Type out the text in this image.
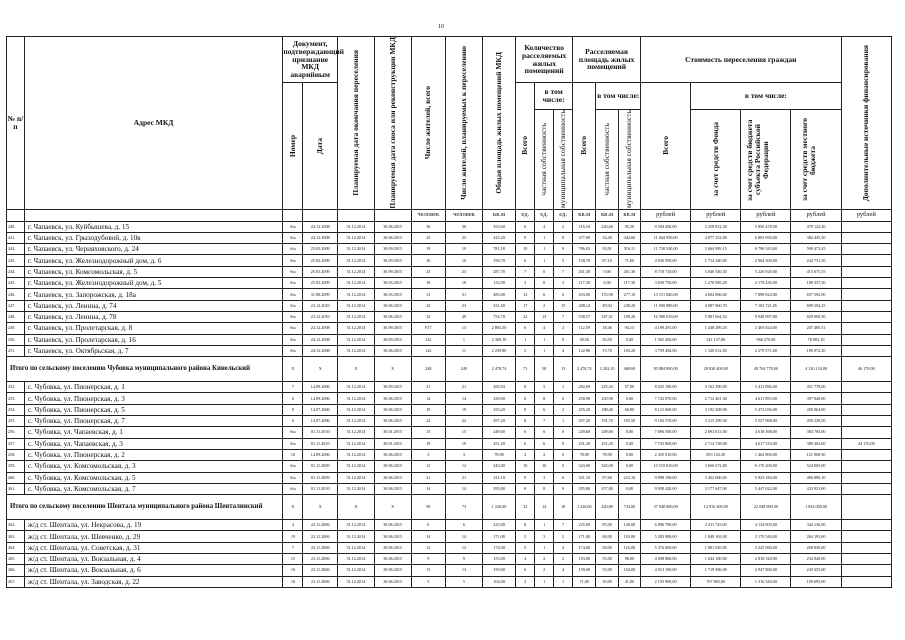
10
№ п/п	Адрес МКД	Документ, подтверждающий признание МКД аварийным		Планируемая дата окончания переселения	Планируемая дата сноса или реконструкции МКД	Число жителей, всего	Число жителей, планируемых к переселению	Общая площадь жилых помещений МКД	Количество расселяемых жилых помещений			Расселяемая площадь жилых помещений			Стоимость переселения граждан				Дополнительные источники финансирования

		Номер	Дата						Всего	в том числе:		Всего	в том числе:		Всего	в том числе:			

										частная собственность	муниципальная собственность		частная собственность	муниципальная собственность		за счет средств Фонда	за счет средств бюджета субъекта Российской Федерации	за счет средств местного бюджета	

						человек	человек	кв.м	ед.	ед.	ед.	кв.м	кв.м	кв.м	рублей	рублей	рублей	рублей	рублей
240.	г. Чапаевск, ул. Куйбышева, д. 15	б/н	24.12.2008	31.12.2014	30.06.2015	36	36	353,60	6	4	2	316,10	220,60	95,50	9 594 450,00	3 258 852,30	5 856 478,50	479 122,20	
241.	г. Чапаевск, ул. Грызодубовой, д. 10в	б/н	24.12.2008	31.12.2014	30.06.2015	25	25	423,20	9	1	8	377,00	34,40	342,60	11 044 950,00	4 077 252,00	6 803 950,00	382 445,50	
242.	г. Чапаевск, ул. Черняховского, д. 24	б/н	25.05.2009	31.12.2014	30.09.2015	19	19	781,18	10	1	9	706,02	93,91	516,11	11 728 540,00	3 664 985,15	6 796 343,60	590 473,45	
243.	г. Чапаевск, ул. Железнодорожный дом, д. 6	б/н	25.02.2009	31.12.2014	30.09.2015	10	10	198,70	6	1	5	158,70	87,10	71,60	4 930 950,00	1 714 340,00	2 964 300,00	242 731,30	
244.	г. Чапаевск, ул. Комсомольская, д. 5	б/н	25.03.2009	31.12.2014	30.09.2015	23	23	287,70	7	0	7	261,30	0,00	261,30	8 710 710,00	3 040 540,30	5 226 920,00	415 675,55	
245.	г. Чапаевск, ул. Железнодорожный дом, д. 5	б/н	25.03.2009	31.12.2014	30.03.2015	18	18	132,90	3	0	3	117,30	0,00	117,30	3 650 750,00	1 270 985,20	2 178 430,00	189 337,50	
246.	г. Чапаевск, ул. Запорожская, д. 18а	б/н	31.08.2009	31.12.2014	30.03.2015	31	31	485,00	12	6	6	433,00	155,90	277,10	13 151 840,00	4 602 066,00	7 898 824,00	657 592,00	
247.	г. Чапаевск, ул. Ленина, д. 74	б/н	23.12.2010	31.12.2014	30.06.2015	23	23	331,50	17	2	15	288,14	49,94	238,20	11 900 880,00	4 087 860,70	7 103 721,05	699 294,25	
248.	г. Чапаевск, ул. Ленина, д. 78	б/н	23.12.2010	31.12.2014	30.06.2015	32	49	754,70	22	13	7	538,57	347,31	189,26	16 580 010,00	5 981 664,54	9 948 997,80	829 000,50	
249.	г. Чапаевск, ул. Пролетарская, д. 8	б/н	24.12.2008	31.12.2014	30.09.2015	F17	13	2 803,30	6	4	2	112,59	18,46	94,13	4 199 291,00	1 438 289,20	2 465 824,00	207 485,51	
250.	г. Чапаевск, ул. Пролетарская, д. 16	б/н	24.12.2008	31.12.2014	30.09.2015	142	1	2 369,10	1	1	0	30,50	30,50	0,00	1 565 450,00	541 137,80	968 270,00	78 002,10	
251.	г. Чапаевск, ул. Октябрьская, д. 7	б/н	24.12.2008	31.12.2014	30.06.2015	142	11	2 239,80	5	1	4	122,96	19,70	103,26	3 759 494,00	1 320 012,00	2 279 571,60	189 972,20	
Итого по сельскому поселению Чубовка муниципального района Кинельский		X	X	X	X	248	249	2 478,74	71	58	13	2 478,74	2 202,10	468,69	85 884 890,00	28 830 400,00	49 764 778,00	4 120 134,00	46 178,00
252.	с. Чубовка, ул. Пионерская, д. 1	7	14.09.2006	31.12.2014	30.09.2015	21	21	282,94	8	5	1	282,09	225,43	57,00	8 025 180,00	3 162 390,00	5 411 096,00	451 778,00	
253.	с. Чубовка, ул. Пионерская, д. 3	6	14.09.2006	31.12.2014	30.06.2015	14	14	250,90	8	8	0	250,90	250,90	0,00	7 722 870,00	2 712 461,30	4 611 893,00	397 840,00	
254.	с. Чубовка, ул. Пионерская, д. 5	8	14.07.2006	31.12.2014	30.06.2015	19	19	255,20	8	6	2	255,20	188,40	66,80	8 121 660,00	3 192 308,00	5 473 036,00	458 064,00	
255.	с. Чубовка, ул. Пионерская, д. 7	6	14.07.2006	31.12.2014	30.06.2015	22	22	297,20	8	7	1	297,20	191,70	105,50	9 184 570,00	3 215 299,30	5 527 968,00	459 228,50	
256.	с. Чубовка, ул. Чапаевская, д. 1	б/н	01.11.2010	31.12.2014	30.01.2015	15	15	249,60	6	6	0	249,60	249,60	0,00	7 696 500,00	2 693 613,00	4 618 468,00	384 705,00	
257.	с. Чубовка, ул. Чапаевская, д. 3	б/н	01.11.2010	31.12.2014	30.01.2015	19	19	251,20	6	6	0	251,20	251,20	0,00	7 745 860,00	2 714 728,00	4 617 310,00	389 404,00	24 170,00
258.	с. Чубовка, ул. Пионерская, д. 2	10	14.09.2006	31.12.2014	30.06.2015	3	3	78,90	2	2	0	78,90	78,90	0,00	2 435 010,00	853 102,50	1 462 806,00	121 908,50	
259.	с. Чубовка, ул. Комсомольская, д. 3	б/н	01.11.2009	31.12.2014	30.06.2015	12	12	343,00	10	10	0	343,00	343,00	0,00	10 510 810,00	3 666 672,80	6 170 200,00	524 005,00	
260.	с. Чубовка, ул. Комсомольская, д. 5	б/н	01.11.2009	31.12.2014	30.06.2015	21	21	321,10	9	3	6	321,10	97,60	223,10	9 898 190,00	3 452 600,00	5 923 184,00	496 890,10	
261.	с. Чубовка, ул. Комсомольская, д. 7	б/н	01.11.2010	31.12.2014	30.06.2015	14	14	295,80	8	8	0	295,80	257,80	0,00	9 058 420,00	3 177 647,00	5 447 022,00	433 921,00	
Итого по сельскому поселению Шентала муниципального района Шенталинский		X	X	X	X	99	73	1 226,00	32	14	18	1 226,00	420,80	743,00	37 040 000,00	12 916 300,00	22 048 900,00	1 854 000,00	
262.	ж/д ст. Шентала, ул. Некрасова, д. 19	4	22.11.2006	31.12.2014	30.06.2015	6	6	225,00	8	1	7	225,00	85,00	140,00	6 896 780,00	2 411 745,00	4 134 803,00	344 136,00	
263.	ж/д ст. Шентала, ул. Шевченко, д. 29	19	22.11.2006	31.12.2014	30.06.2015	14	14	171,00	5	3	2	171,00	68,00	103,00	5 283 980,00	1 849 165,00	3 170 540,00	264 195,00	
264.	ж/д ст. Шентала, ул. Советская, д. 31	7	22.11.2006	31.12.2014	30.06.2015	12	12	174,00	5	1	4	174,00	58,00	116,00	5 376 600,00	1 881 810,00	3 225 960,00	268 830,00	
265.	ж/д ст. Шентала, ул. Вокзальная, д. 4	15	23.11.2006	31.12.2014	30.06.2015	9	9	153,00	4	2	2	153,00	55,00	98,00	4 698 860,00	1 644 100,00	2 818 320,00	234 840,00	
266.	ж/д ст. Шентала, ул. Вокзальная, д. 6	16	23.11.2006	31.12.2014	30.06.2015	13	13	159,00	6	2	4	159,00	55,00	104,00	4 913 100,00	1 719 586,00	2 947 860,00	245 655,00	
267.	ж/д ст. Шентала, ул. Заводская, д. 22	18	23.11.2006	31.12.2014	30.06.2015	5	5	104,00	2	1	1	71,00	30,00	41,00	2 193 900,00	767 865,00	1 316 340,00	109 695,00	
